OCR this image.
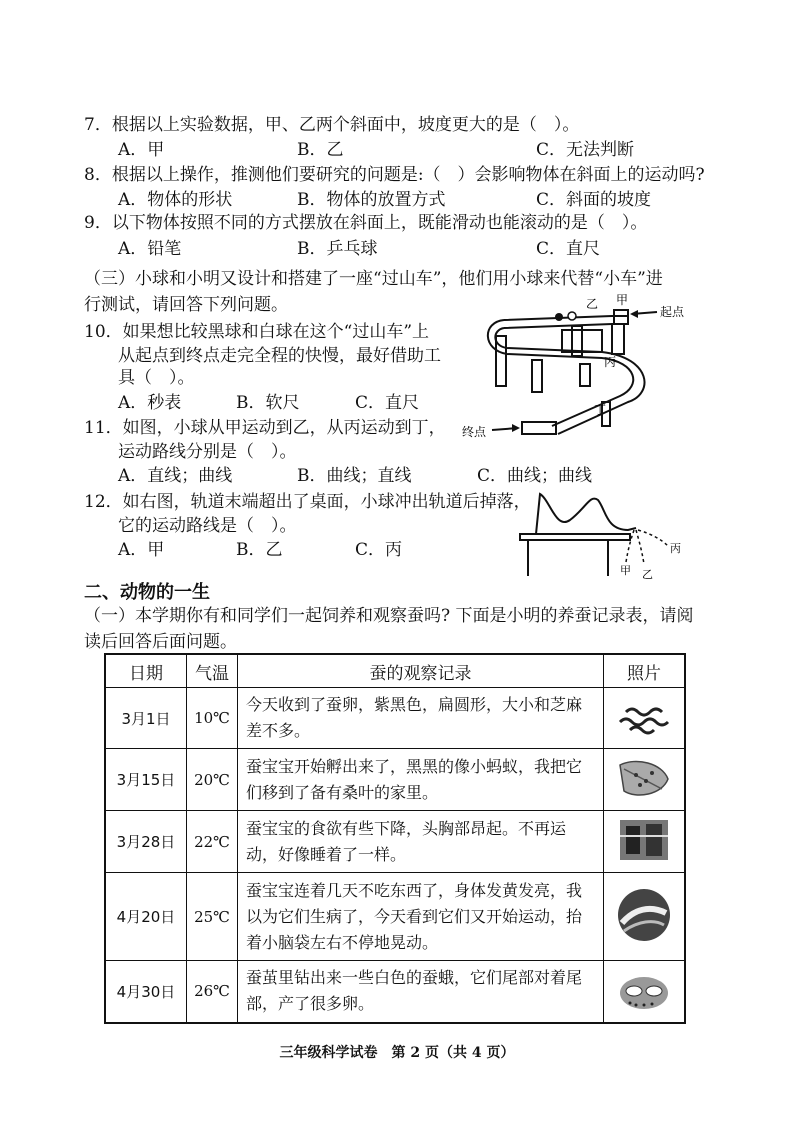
7．根据以上实验数据，甲、乙两个斜面中，坡度更大的是（　）。
A．甲	B．乙	C．无法判断
8．根据以上操作，推测他们要研究的问题是:（　）会影响物体在斜面上的运动吗?
A．物体的形状	B．物体的放置方式	C．斜面的坡度
9．以下物体按照不同的方式摆放在斜面上，既能滑动也能滚动的是（　）。
A．铅笔	B．乒乓球	C．直尺
（三）小球和小明又设计和搭建了一座“过山车”，他们用小球来代替“小车”进
行测试，请回答下列问题。
10．如果想比较黑球和白球在这个“过山车”上
从起点到终点走完全程的快慢，最好借助工
具（　）。
A．秒表	B．软尺	C．直尺
11．如图，小球从甲运动到乙，从丙运动到丁，
运动路线分别是（　）。
A．直线；曲线	B．曲线；直线	C．曲线；曲线
12．如右图，轨道末端超出了桌面，小球冲出轨道后掉落，
它的运动路线是（　）。
A．甲	B．乙	C．丙
乙 甲
起点
丙
丁
终点
甲 乙
丙
二、动物的一生
（一）本学期你有和同学们一起饲养和观察蚕吗? 下面是小明的养蚕记录表，请阅
读后回答后面问题。
日期	气温	蚕的观察记录	照片
3月1日	10℃	今天收到了蚕卵，紫黑色，扁圆形，大小和芝麻差不多。	
3月15日	20℃	蚕宝宝开始孵出来了，黑黑的像小蚂蚁，我把它们移到了备有桑叶的家里。	
3月28日	22℃	蚕宝宝的食欲有些下降，头胸部昂起。不再运动，好像睡着了一样。	
4月20日	25℃	蚕宝宝连着几天不吃东西了，身体发黄发亮，我以为它们生病了，今天看到它们又开始运动，抬着小脑袋左右不停地晃动。	
4月30日	26℃	蚕茧里钻出来一些白色的蚕蛾，它们尾部对着尾部，产了很多卵。	
三年级科学试卷　第 2 页（共 4 页）
